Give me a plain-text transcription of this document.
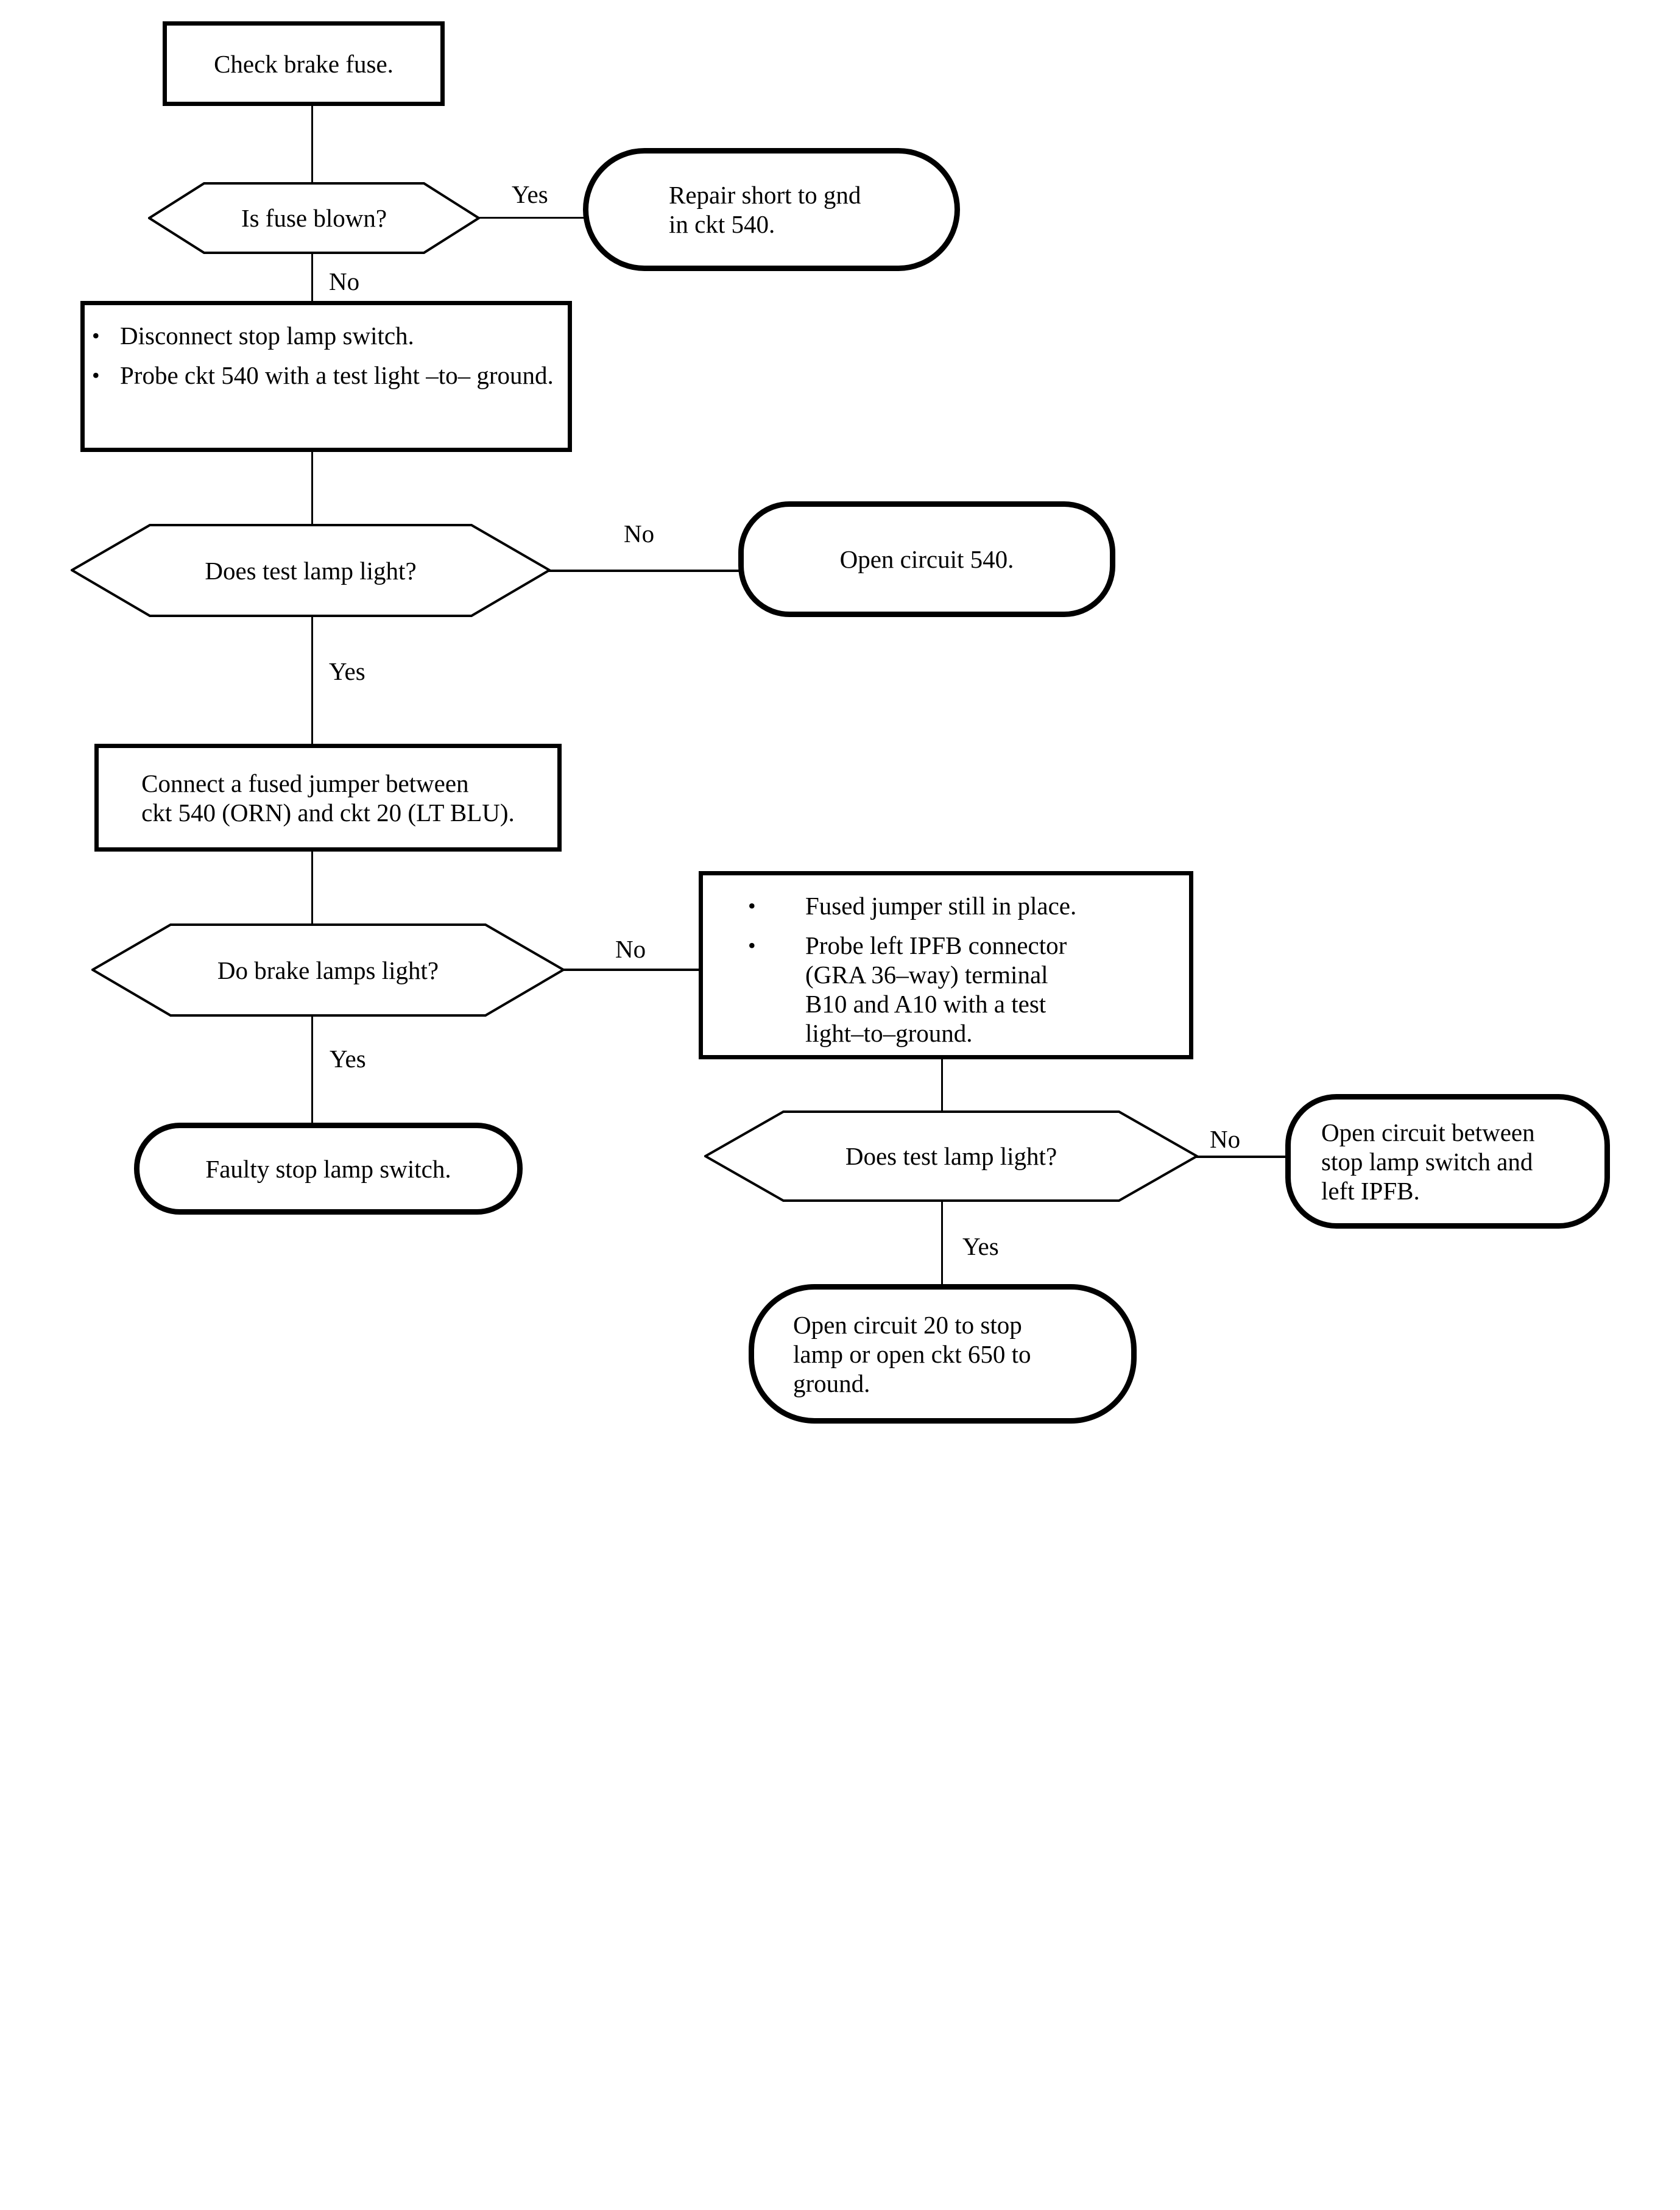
Check brake fuse.
Is fuse blown?
Repair short to gnd
in ckt 540.
• Disconnect stop lamp switch.
• Probe ckt 540 with a test light –to– ground.
Does test lamp light?	Open circuit 540.
Connect a fused jumper between
ckt 540 (ORN) and ckt 20 (LT BLU).
Do brake lamps light?
•	Fused jumper still in place.
•	Probe left IPFB connector
(GRA 36–way) terminal
B10 and A10 with a test
light–to–ground.
Faulty stop lamp switch.	Does test lamp light?
Open circuit between
stop lamp switch and
left IPFB.
Open circuit 20 to stop
lamp or open ckt 650 to
ground.
Yes
No
No
Yes
No
Yes
No
Yes
